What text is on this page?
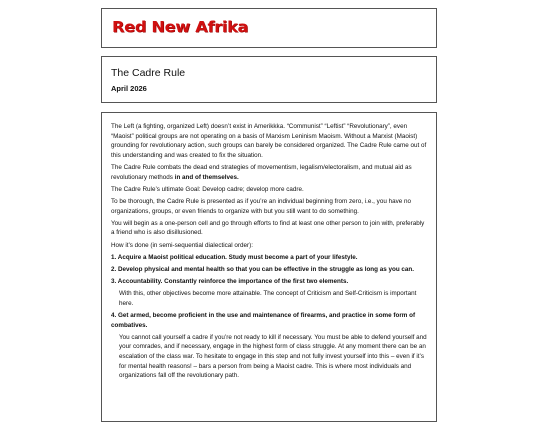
Red New Afrika
The Cadre Rule
April 2026

The Left (a fighting, organized Left) doesn’t exist in Amerikkka. “Communist” “Leftist” “Revolutionary”, even “Maoist” political groups are not operating on a basis of Marxism Leninism Maoism. Without a Marxist (Maoist) grounding for revolutionary action, such groups can barely be considered organized. The Cadre Rule came out of this understanding and was created to fix the situation.

The Cadre Rule combats the dead end strategies of movementism, legalism/electoralism, and mutual aid as revolutionary methods in and of themselves.

The Cadre Rule’s ultimate Goal: Develop cadre; develop more cadre.

To be thorough, the Cadre Rule is presented as if you’re an individual beginning from zero, i.e., you have no organizations, groups, or even friends to organize with but you still want to do something.

You will begin as a one-person cell and go through efforts to find at least one other person to join with, preferably a friend who is also disillusioned.

How it’s done (in semi-sequential dialectical order):

1. Acquire a Maoist political education. Study must become a part of your lifestyle.

2. Develop physical and mental health so that you can be effective in the struggle as long as you can.

3. Accountability. Constantly reinforce the importance of the first two elements.

With this, other objectives become more attainable. The concept of Criticism and Self-Criticism is important here.

4. Get armed, become proficient in the use and maintenance of firearms, and practice in some form of combatives.

You cannot call yourself a cadre if you’re not ready to kill if necessary. You must be able to defend yourself and your comrades, and if necessary, engage in the highest form of class struggle. At any moment there can be an escalation of the class war. To hesitate to engage in this step and not fully invest yourself into this – even if it’s for mental health reasons! – bars a person from being a Maoist cadre. This is where most individuals and organizations fall off the revolutionary path.
